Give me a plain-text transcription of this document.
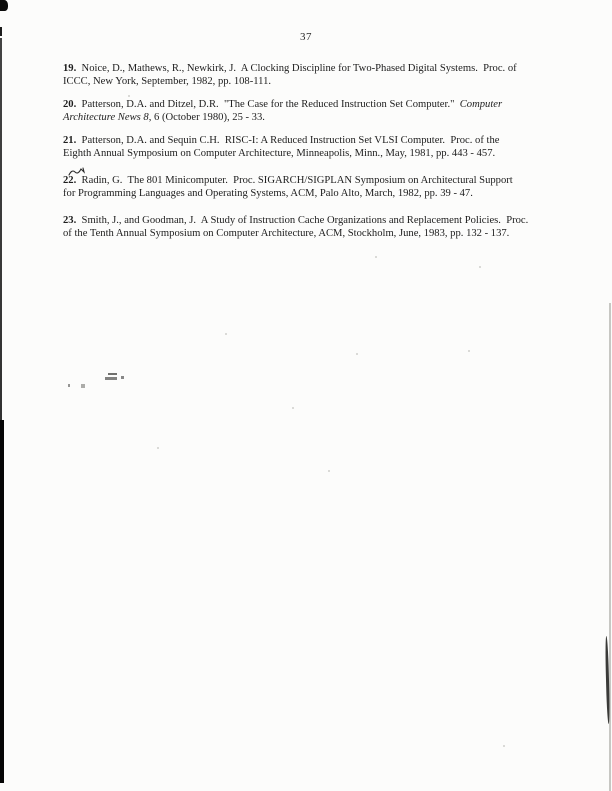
37
19.  Noice, D., Mathews, R., Newkirk, J.  A Clocking Discipline for Two-Phased Digital Systems.  Proc. of
ICCC, New York, September, 1982, pp. 108-111.
20.  Patterson, D.A. and Ditzel, D.R.  "The Case for the Reduced Instruction Set Computer."  Computer
Architecture News 8, 6 (October 1980), 25 - 33.
21.  Patterson, D.A. and Sequin C.H.  RISC-I: A Reduced Instruction Set VLSI Computer.  Proc. of the
Eighth Annual Symposium on Computer Architecture, Minneapolis, Minn., May, 1981, pp. 443 - 457.
22.  Radin, G.  The 801 Minicomputer.  Proc. SIGARCH/SIGPLAN Symposium on Architectural Support
for Programming Languages and Operating Systems, ACM, Palo Alto, March, 1982, pp. 39 - 47.
23.  Smith, J., and Goodman, J.  A Study of Instruction Cache Organizations and Replacement Policies.  Proc.
of the Tenth Annual Symposium on Computer Architecture, ACM, Stockholm, June, 1983, pp. 132 - 137.
